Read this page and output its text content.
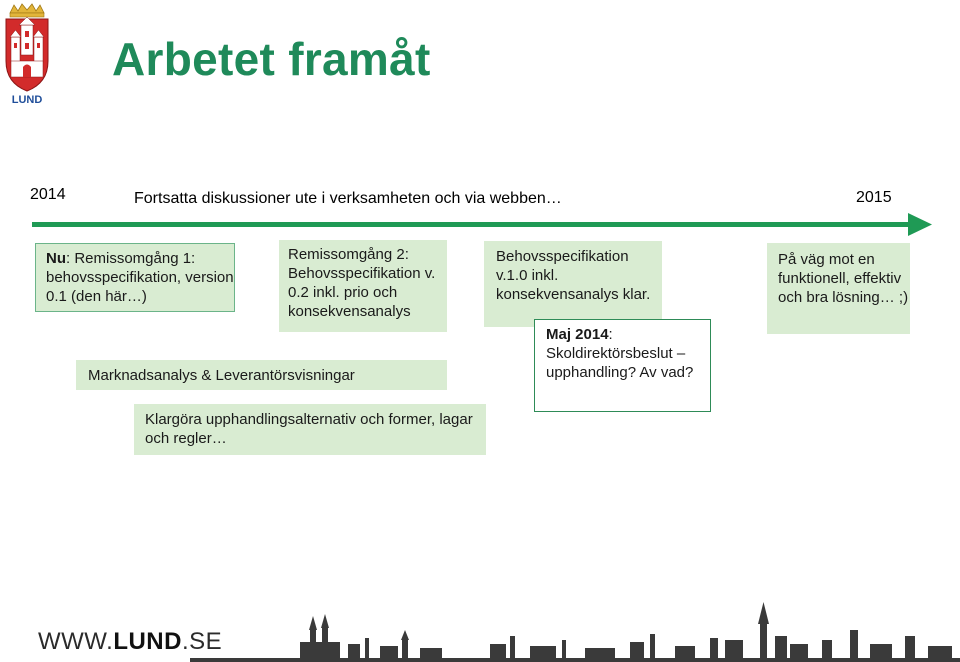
LUND
Arbetet framåt
2014	Fortsatta diskussioner ute i verksamheten och via webben…	2015
Nu: Remissomgång 1: behovsspecifikation, version 0.1 (den här…)
Remissomgång 2: Behovsspecifikation v. 0.2 inkl. prio och konsekvensanalys
Marknadsanalys & Leverantörsvisningar
Klargöra upphandlingsalternativ och former, lagar och regler…
Behovsspecifikation v.1.0 inkl. konsekvensanalys klar.
Maj 2014: Skoldirektörsbeslut – upphandling? Av vad?
På väg mot en funktionell, effektiv och bra lösning… ;)
WWW.LUND.SE
